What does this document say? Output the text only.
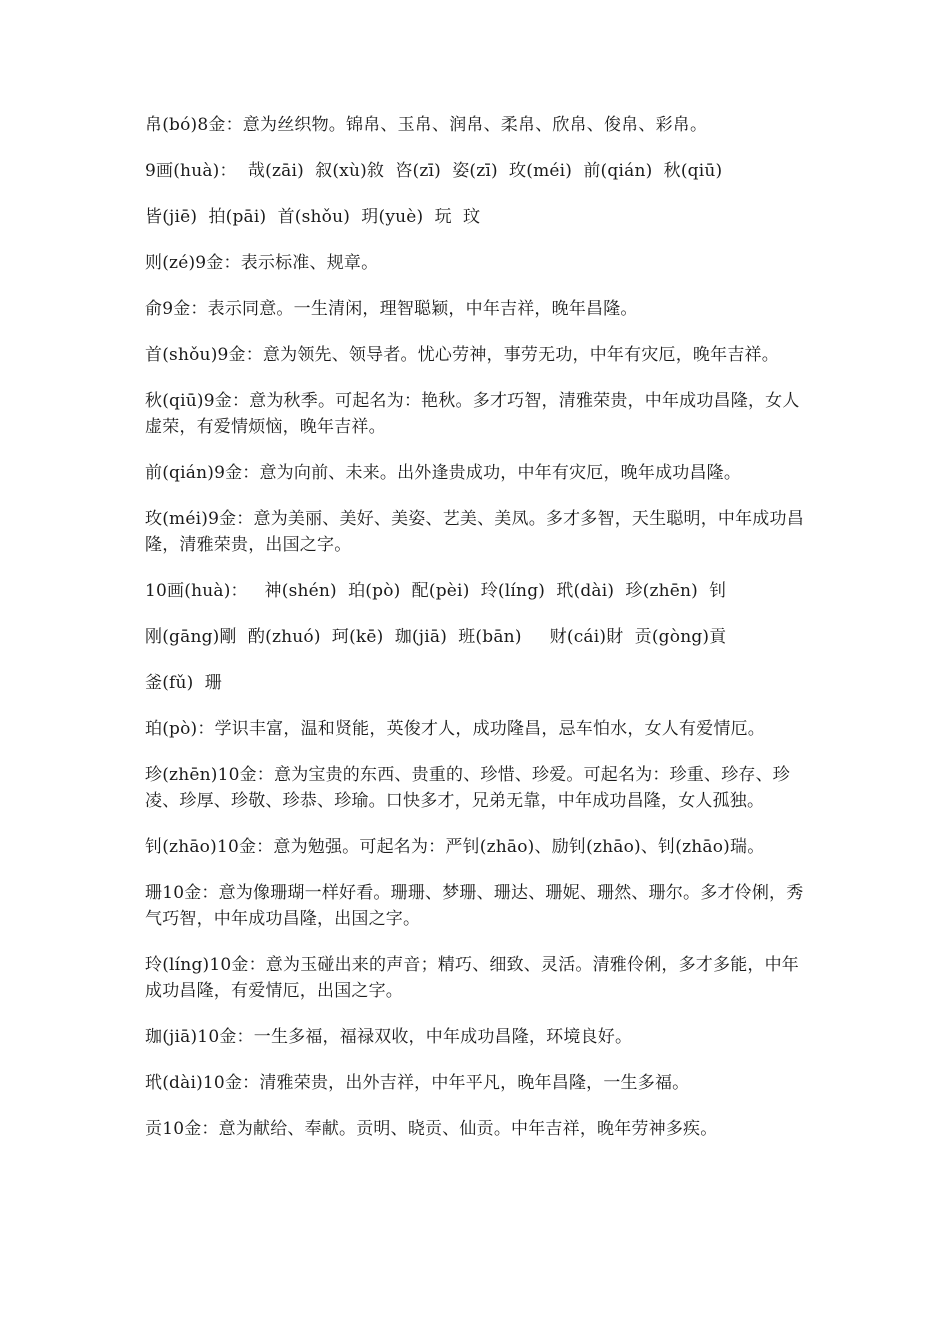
帛(bó)8金：意为丝织物。锦帛、玉帛、润帛、柔帛、欣帛、俊帛、彩帛。

9画(huà)：  哉(zāi)  叙(xù)敘  咨(zī)  姿(zī)  玫(méi)  前(qián)  秋(qiū)

皆(jiē)  拍(pāi)  首(shǒu)  玥(yuè)  玩  玟

则(zé)9金：表示标准、规章。

俞9金：表示同意。一生清闲，理智聪颖，中年吉祥，晚年昌隆。

首(shǒu)9金：意为领先、领导者。忧心劳神，事劳无功，中年有灾厄，晚年吉祥。

秋(qiū)9金：意为秋季。可起名为：艳秋。多才巧智，清雅荣贵，中年成功昌隆，女人虚荣，有爱情烦恼，晚年吉祥。

前(qián)9金：意为向前、未来。出外逢贵成功，中年有灾厄，晚年成功昌隆。

玫(méi)9金：意为美丽、美好、美姿、艺美、美凤。多才多智，天生聪明，中年成功昌隆，清雅荣贵，出国之字。

10画(huà)：   神(shén)  珀(pò)  配(pèi)  玲(líng)  玳(dài)  珍(zhēn)  钊

刚(gāng)剛  酌(zhuó)  珂(kē)  珈(jiā)  班(bān)     财(cái)財  贡(gòng)貢

釜(fǔ)  珊

珀(pò)：学识丰富，温和贤能，英俊才人，成功隆昌，忌车怕水，女人有爱情厄。

珍(zhēn)10金：意为宝贵的东西、贵重的、珍惜、珍爱。可起名为：珍重、珍存、珍凌、珍厚、珍敬、珍恭、珍瑜。口快多才，兄弟无靠，中年成功昌隆，女人孤独。

钊(zhāo)10金：意为勉强。可起名为：严钊(zhāo)、励钊(zhāo)、钊(zhāo)瑞。

珊10金：意为像珊瑚一样好看。珊珊、梦珊、珊达、珊妮、珊然、珊尔。多才伶俐，秀气巧智，中年成功昌隆，出国之字。

玲(líng)10金：意为玉碰出来的声音；精巧、细致、灵活。清雅伶俐，多才多能，中年成功昌隆，有爱情厄，出国之字。

珈(jiā)10金：一生多福，福禄双收，中年成功昌隆，环境良好。

玳(dài)10金：清雅荣贵，出外吉祥，中年平凡，晚年昌隆，一生多福。

贡10金：意为献给、奉献。贡明、晓贡、仙贡。中年吉祥，晚年劳神多疾。
